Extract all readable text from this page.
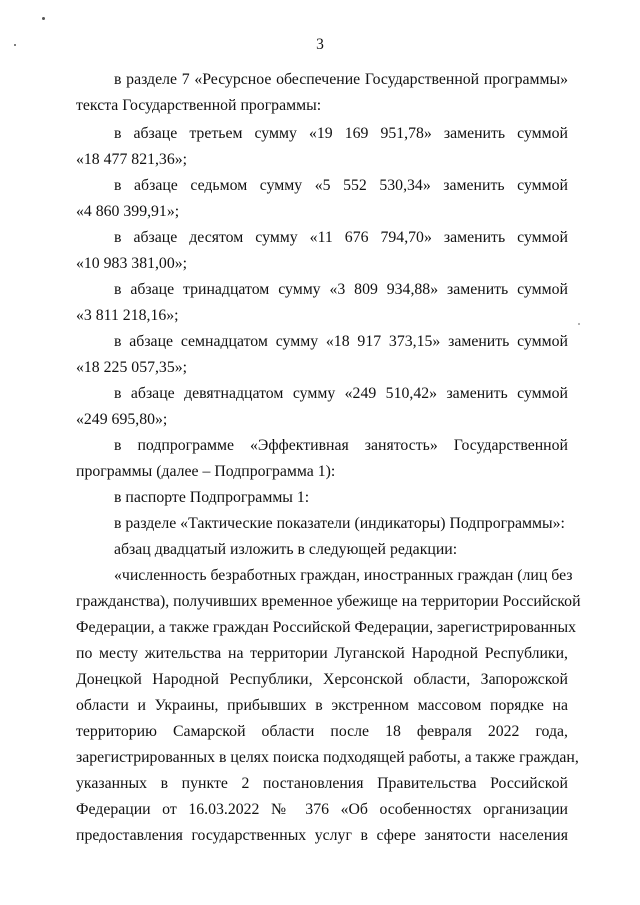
3
в разделе 7 «Ресурсное обеспечение Государственной программы»
текста Государственной программы:
в абзаце третьем сумму «19 169 951,78» заменить суммой
«18 477 821,36»;
в абзаце седьмом сумму «5 552 530,34» заменить суммой
«4 860 399,91»;
в абзаце десятом сумму «11 676 794,70» заменить суммой
«10 983 381,00»;
в абзаце тринадцатом сумму «3 809 934,88» заменить суммой
«3 811 218,16»;
в абзаце семнадцатом сумму «18 917 373,15» заменить суммой
«18 225 057,35»;
в абзаце девятнадцатом сумму «249 510,42» заменить суммой
«249 695,80»;
в подпрограмме «Эффективная занятость» Государственной
программы (далее – Подпрограмма 1):
в паспорте Подпрограммы 1:
в разделе «Тактические показатели (индикаторы) Подпрограммы»:
абзац двадцатый изложить в следующей редакции:
«численность безработных граждан, иностранных граждан (лиц без
гражданства), получивших временное убежище на территории Российской
Федерации, а также граждан Российской Федерации, зарегистрированных
по месту жительства на территории Луганской Народной Республики,
Донецкой Народной Республики, Херсонской области, Запорожской
области и Украины, прибывших в экстренном массовом порядке на
территорию Самарской области после 18 февраля 2022 года,
зарегистрированных в целях поиска подходящей работы, а также граждан,
указанных в пункте 2 постановления Правительства Российской
Федерации от 16.03.2022 № 376 «Об особенностях организации
предоставления государственных услуг в сфере занятости населения
